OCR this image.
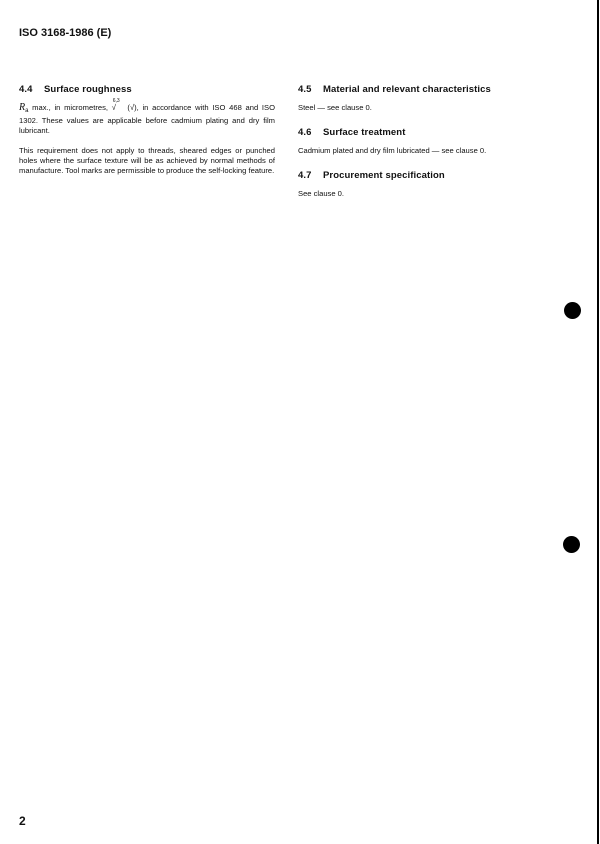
ISO 3168-1986 (E)
4.4 Surface roughness

$R_a$ max., in micrometres,
6,3
√ (√), in accordance with ISO 468 and ISO 1302. These values are applicable before cadmium plating and dry film lubricant.

This requirement does not apply to threads, sheared edges or punched holes where the surface texture will be as achieved by normal methods of manufacture. Tool marks are permissible to produce the self-locking feature.

4.5 Material and relevant characteristics

Steel — see clause 0.

4.6 Surface treatment

Cadmium plated and dry film lubricated — see clause 0.

4.7 Procurement specification

See clause 0.

2
